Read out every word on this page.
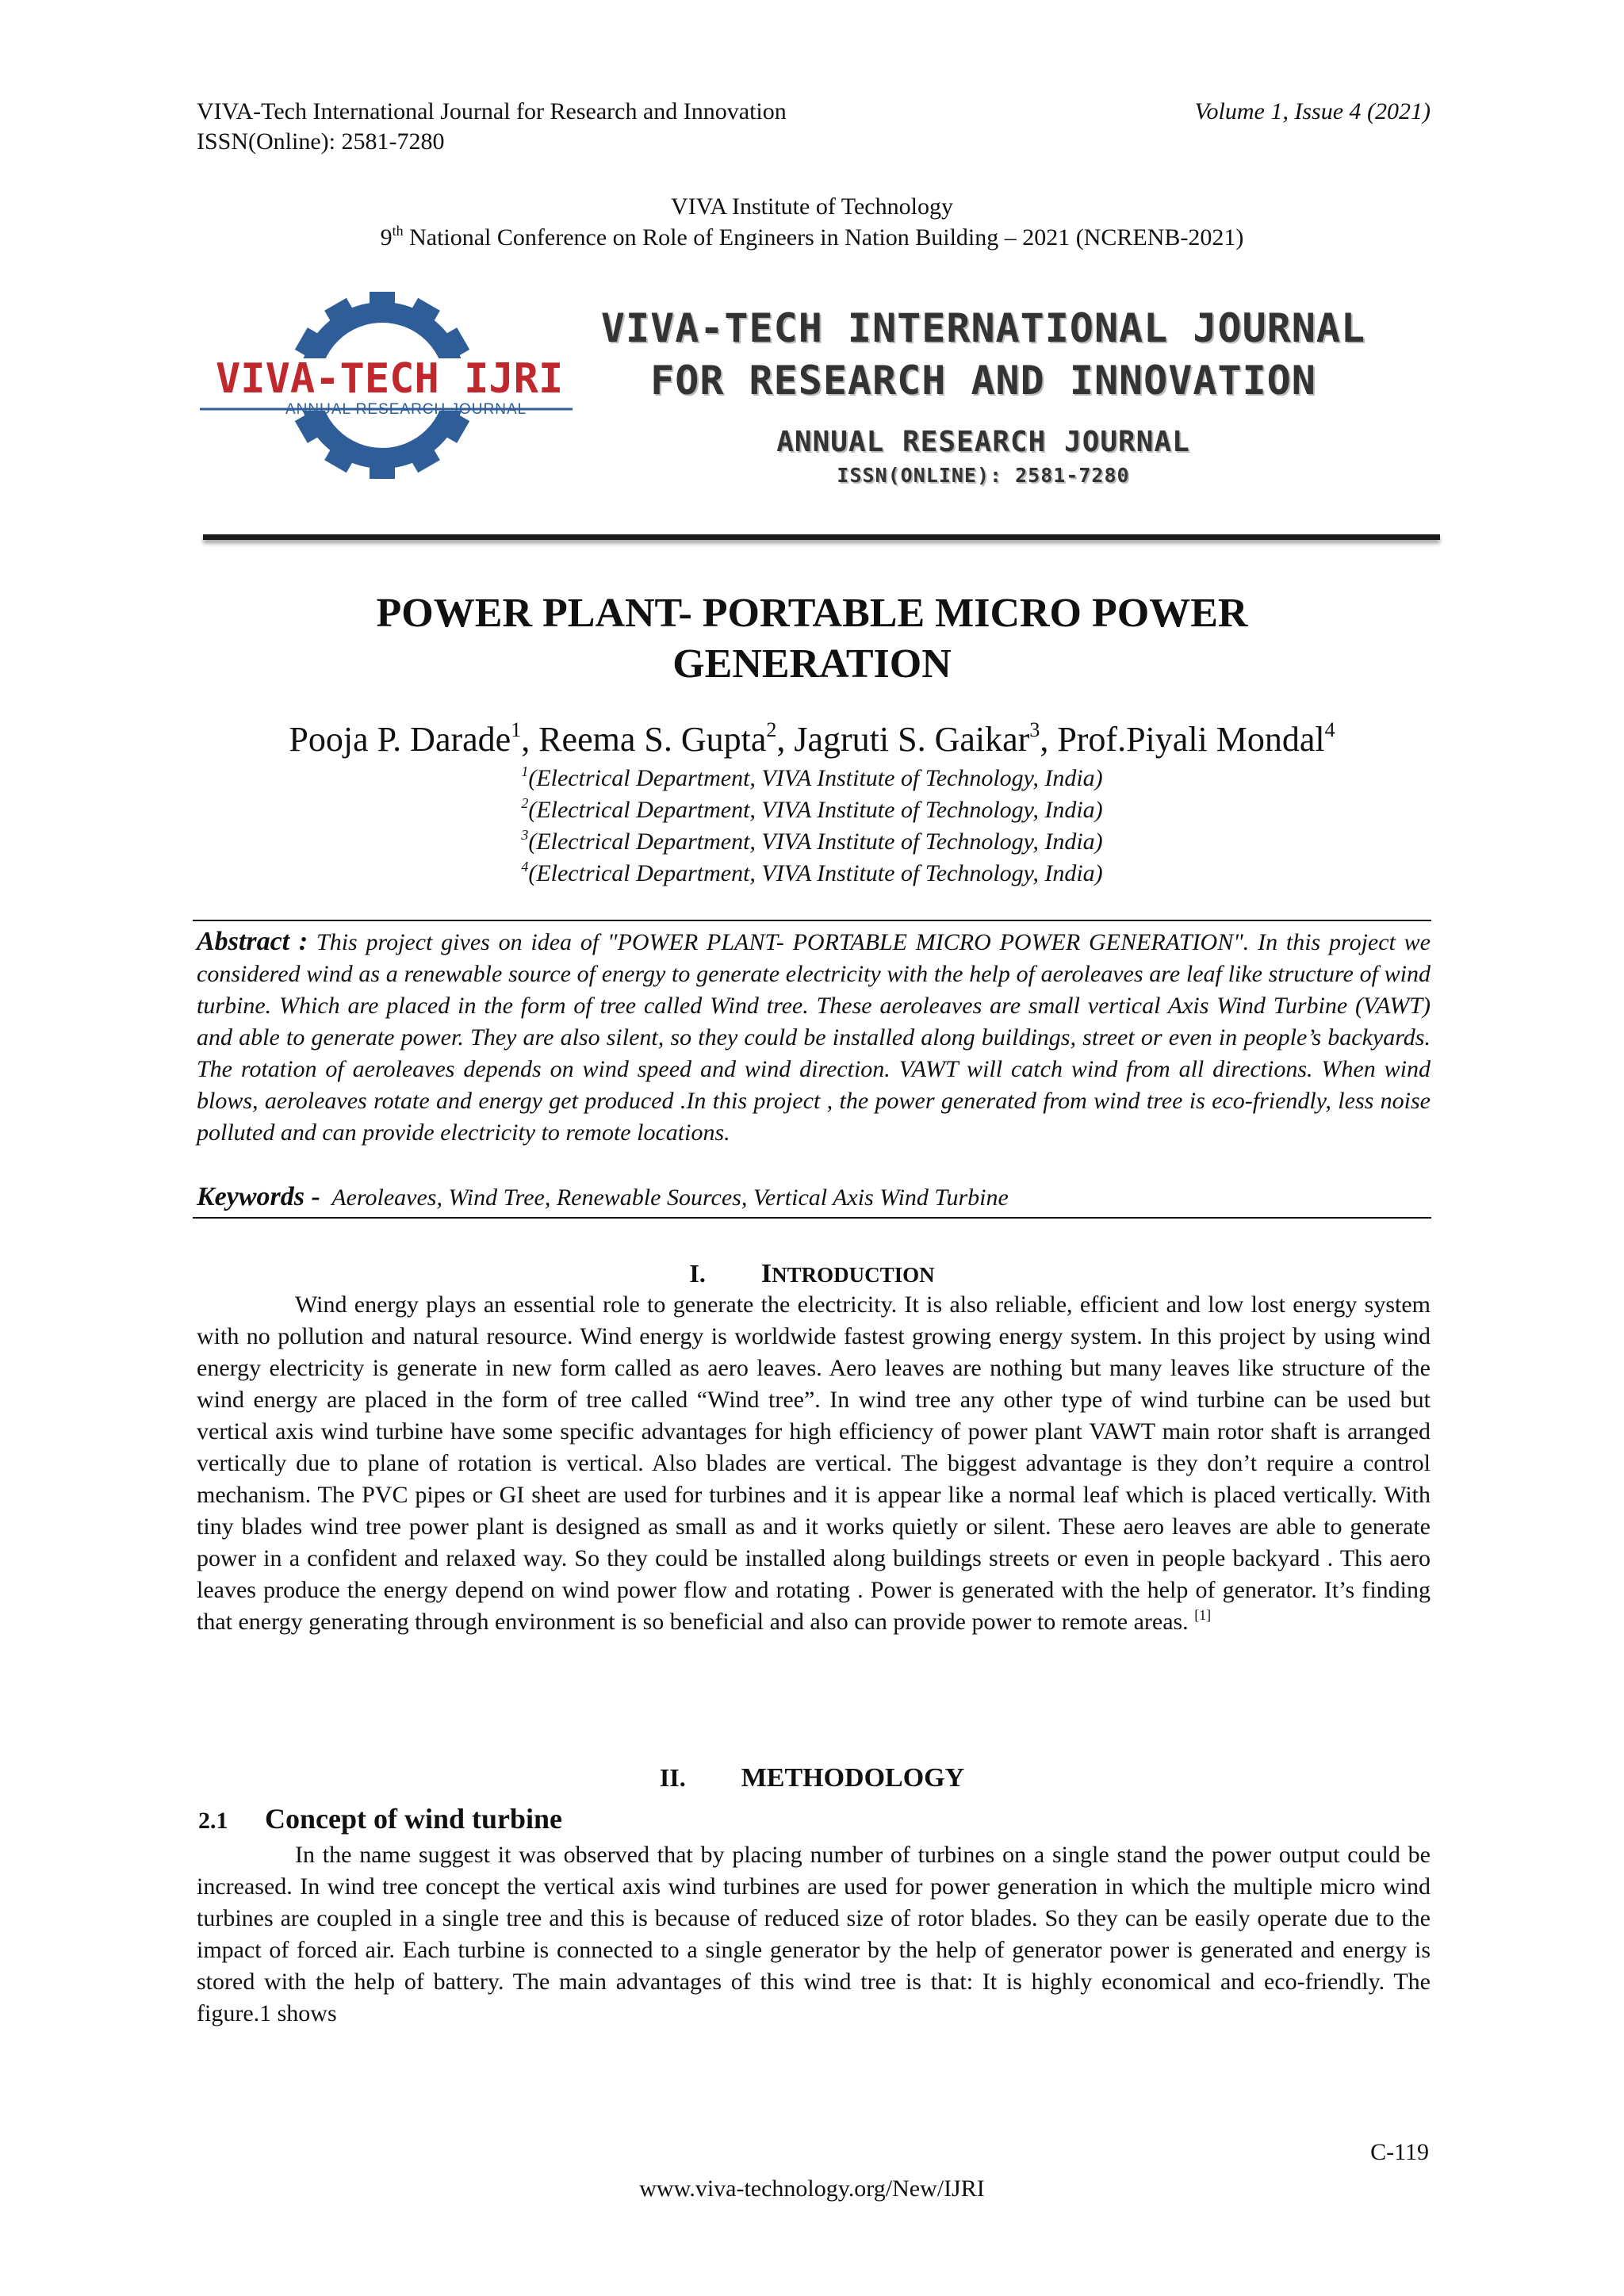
VIVA-Tech International Journal for Research and Innovation
ISSN(Online): 2581-7280
Volume 1, Issue 4 (2021)
VIVA Institute of Technology
9th National Conference on Role of Engineers in Nation Building – 2021 (NCRENB-2021)
VIVA-TECH IJRI
ANNUAL RESEARCH JOURNAL
VIVA-TECH INTERNATIONAL JOURNAL
FOR RESEARCH AND INNOVATION
ANNUAL RESEARCH JOURNAL
ISSN(ONLINE): 2581-7280
POWER PLANT- PORTABLE MICRO POWER
GENERATION
Pooja P. Darade$^1$, Reema S. Gupta$^2$, Jagruti S. Gaikar$^3$, Prof.Piyali Mondal$^4$
$^1$(Electrical Department, VIVA Institute of Technology, India)
$^2$(Electrical Department, VIVA Institute of Technology, India)
$^3$(Electrical Department, VIVA Institute of Technology, India)
$^4$(Electrical Department, VIVA Institute of Technology, India)
Abstract : This project gives on idea of "POWER PLANT- PORTABLE MICRO POWER GENERATION". In this project we considered wind as a renewable source of energy to generate electricity with the help of aeroleaves are leaf like structure of wind turbine. Which are placed in the form of tree called Wind tree. These aeroleaves are small vertical Axis Wind Turbine (VAWT) and able to generate power. They are also silent, so they could be installed along buildings, street or even in people’s backyards. The rotation of aeroleaves depends on wind speed and wind direction. VAWT will catch wind from all directions. When wind blows, aeroleaves rotate and energy get produced .In this project , the power generated from wind tree is eco-friendly, less noise polluted and can provide electricity to remote locations.
Keywords -  Aeroleaves, Wind Tree, Renewable Sources, Vertical Axis Wind Turbine
I. INTRODUCTION

Wind energy plays an essential role to generate the electricity. It is also reliable, efficient and low lost energy system with no pollution and natural resource. Wind energy is worldwide fastest growing energy system. In this project by using wind energy electricity is generate in new form called as aero leaves. Aero leaves are nothing but many leaves like structure of the wind energy are placed in the form of tree called “Wind tree”. In wind tree any other type of wind turbine can be used but vertical axis wind turbine have some specific advantages for high efficiency of power plant VAWT main rotor shaft is arranged vertically due to plane of rotation is vertical. Also blades are vertical. The biggest advantage is they don’t require a control mechanism. The PVC pipes or GI sheet are used for turbines and it is appear like a normal leaf which is placed vertically. With tiny blades wind tree power plant is designed as small as and it works quietly or silent. These aero leaves are able to generate power in a confident and relaxed way. So they could be installed along buildings streets or even in people backyard . This aero leaves produce the energy depend on wind power flow and rotating . Power is generated with the help of generator. It’s finding that energy generating through environment is so beneficial and also can provide power to remote areas. [1]

II. METHODOLOGY
2.1 Concept of wind turbine

In the name suggest it was observed that by placing number of turbines on a single stand the power output could be increased. In wind tree concept the vertical axis wind turbines are used for power generation in which the multiple micro wind turbines are coupled in a single tree and this is because of reduced size of rotor blades. So they can be easily operate due to the impact of forced air. Each turbine is connected to a single generator by the help of generator power is generated and energy is stored with the help of battery. The main advantages of this wind tree is that: It is highly economical and eco-friendly. The figure.1 shows

C-119
www.viva-technology.org/New/IJRI
